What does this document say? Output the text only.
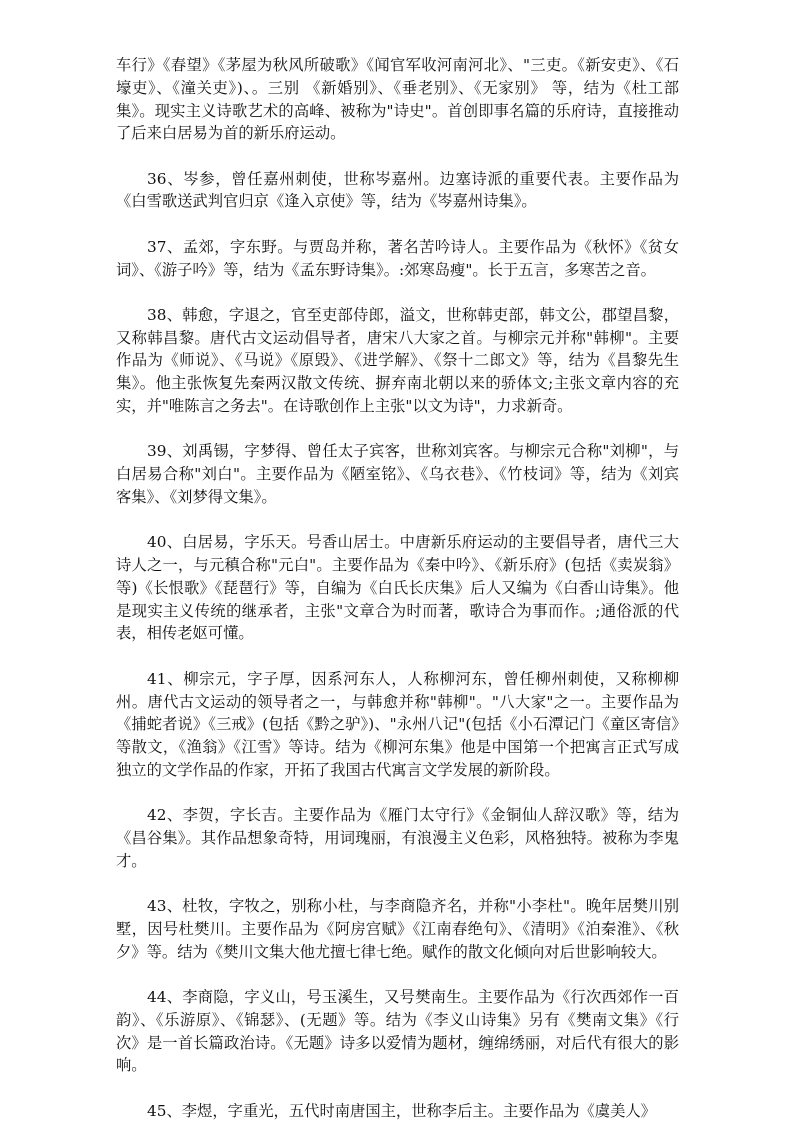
车行》《春望》《茅屋为秋风所破歌》《闻官军收河南河北》、"三吏。《新安吏》、《石壕吏》、《潼关吏》)、。三别 《新婚别》、《垂老别》、《无家别》 等，结为《杜工部集》。现实主义诗歌艺术的高峰、被称为"诗史"。首创即事名篇的乐府诗，直接推动了后来白居易为首的新乐府运动。

36、岑参，曾任嘉州刺使，世称岑嘉州。边塞诗派的重要代表。主要作品为《白雪歌送武判官归京《逢入京使》等，结为《岑嘉州诗集》。

37、孟郊，字东野。与贾岛并称，著名苦吟诗人。主要作品为《秋怀》《贫女词》、《游子吟》等，结为《孟东野诗集》。:郊寒岛瘦"。长于五言，多寒苦之音。

38、韩愈，字退之，官至吏部侍郎，溢文，世称韩吏部，韩文公，郡望昌黎，又称韩昌黎。唐代古文运动倡导者，唐宋八大家之首。与柳宗元并称"韩柳"。主要作品为《师说》、《马说》《原毁》、《进学解》、《祭十二郎文》等，结为《昌黎先生集》。他主张恢复先秦两汉散文传统、摒弃南北朝以来的骄体文;主张文章内容的充实，并"唯陈言之务去"。在诗歌创作上主张"以文为诗"，力求新奇。

39、刘禹锡，字梦得、曾任太子宾客，世称刘宾客。与柳宗元合称"刘柳"，与白居易合称"刘白"。主要作品为《陋室铭》、《乌衣巷》、《竹枝词》等，结为《刘宾客集》、《刘梦得文集》。

40、白居易，字乐天。号香山居士。中唐新乐府运动的主要倡导者，唐代三大诗人之一，与元稹合称"元白"。主要作品为《秦中吟》、《新乐府》(包括《卖炭翁》等)《长恨歌》《琵琶行》等，自编为《白氏长庆集》后人又编为《白香山诗集》。他是现实主义传统的继承者，主张"文章合为时而著，歌诗合为事而作。;通俗派的代表，相传老妪可懂。

41、柳宗元，字子厚，因系河东人，人称柳河东，曾任柳州刺使，又称柳柳州。唐代古文运动的领导者之一，与韩愈并称"韩柳"。"八大家"之一。主要作品为《捕蛇者说》《三戒》(包括《黔之驴》)、"永州八记"(包括《小石潭记门《童区寄信》等散文，《渔翁》《江雪》等诗。结为《柳河东集》他是中国第一个把寓言正式写成独立的文学作品的作家，开拓了我国古代寓言文学发展的新阶段。

42、李贺，字长吉。主要作品为《雁门太守行》《金铜仙人辞汉歌》等，结为《昌谷集》。其作品想象奇特，用词瑰丽，有浪漫主义色彩，风格独特。被称为李鬼才。

43、杜牧，字牧之，别称小杜，与李商隐齐名，并称"小李杜"。晚年居樊川别墅，因号杜樊川。主要作品为《阿房宫赋》《江南春绝句》、《清明》《泊秦淮》、《秋夕》等。结为《樊川文集大他尤擅七律七绝。赋作的散文化倾向对后世影响较大。

44、李商隐，字义山，号玉溪生，又号樊南生。主要作品为《行次西郊作一百韵》、《乐游原》、《锦瑟》、(无题》等。结为《李义山诗集》另有《樊南文集》《行次》是一首长篇政治诗。《无题》诗多以爱情为题材，缠绵绣丽，对后代有很大的影响。

45、李煜，字重光，五代时南唐国主，世称李后主。主要作品为《虞美人》
